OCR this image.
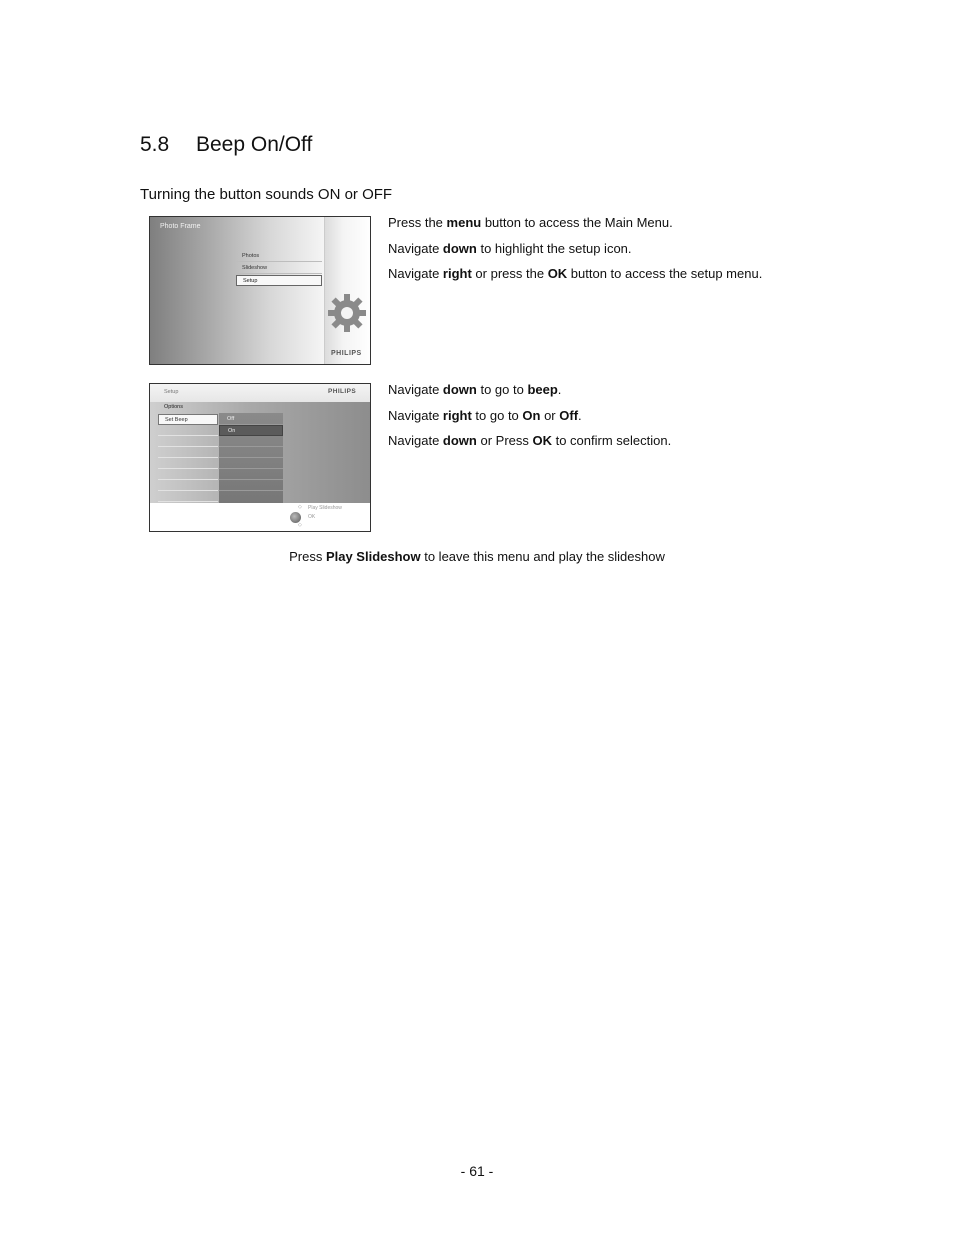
5.8 Beep On/Off
Turning the button sounds ON or OFF
Photo Frame
Photos
Slideshow
Setup
PHILIPS
Press the menu button to access the Main Menu.
Navigate down to highlight the setup icon.
Navigate right or press the OK button to access the setup menu.
Setup	PHILIPS
Options
Set Beep	Off
On
◇
◇
Play Slideshow
OK
Navigate down to go to beep.
Navigate right to go to On or Off.
Navigate down or Press OK to confirm selection.
Press Play Slideshow to leave this menu and play the slideshow
- 61 -
